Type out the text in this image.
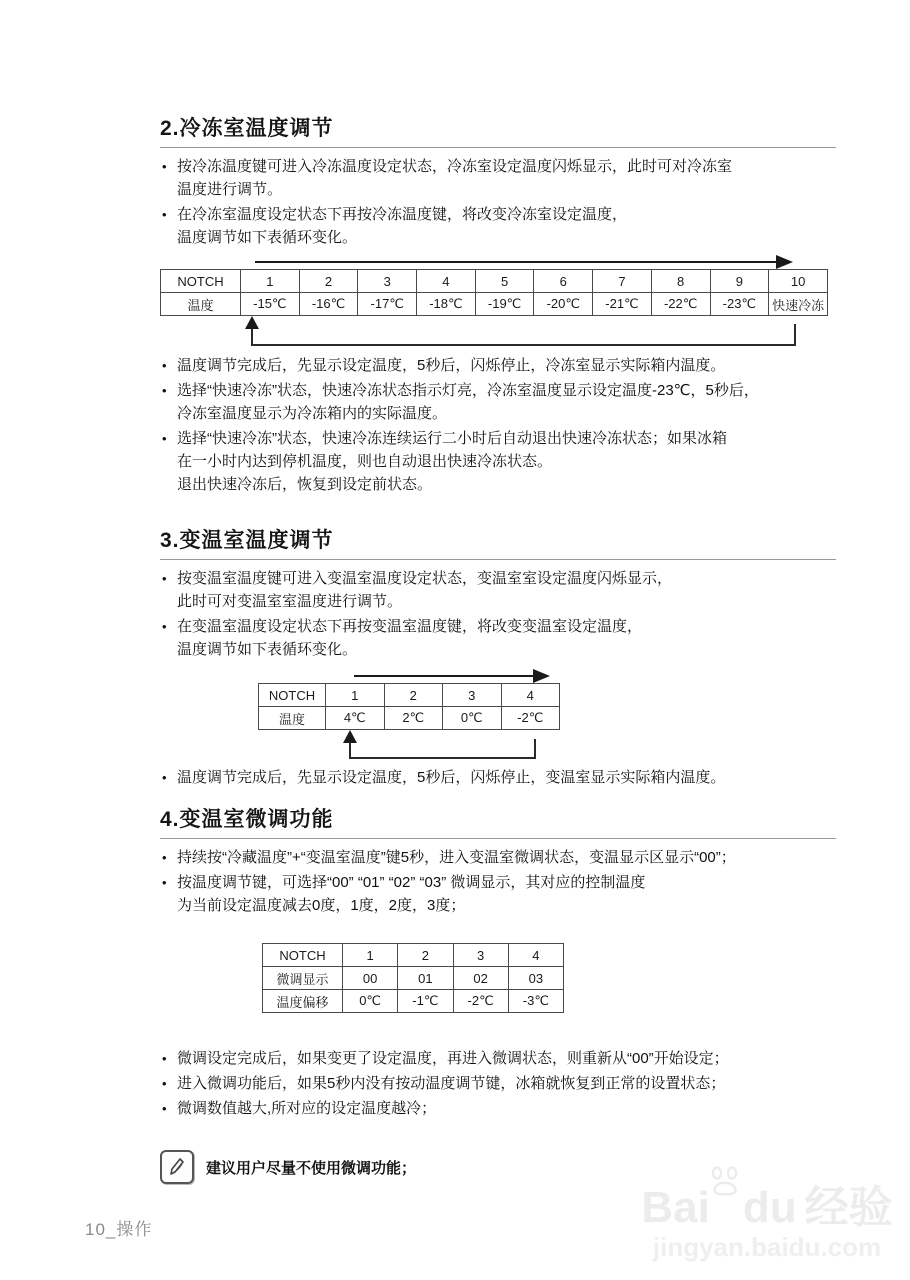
2.冷冻室温度调节
• 按冷冻温度键可进入冷冻温度设定状态，冷冻室设定温度闪烁显示，此时可对冷冻室
温度进行调节。
• 在冷冻室温度设定状态下再按冷冻温度键，将改变冷冻室设定温度，
温度调节如下表循环变化。
NOTCH	1	2	3	4	5	6	7	8	9	10
温度	-15℃	-16℃	-17℃	-18℃	-19℃	-20℃	-21℃	-22℃	-23℃	快速冷冻
• 温度调节完成后，先显示设定温度，5秒后，闪烁停止，冷冻室显示实际箱内温度。
• 选择“快速冷冻”状态，快速冷冻状态指示灯亮，冷冻室温度显示设定温度-23℃，5秒后，
冷冻室温度显示为冷冻箱内的实际温度。
• 选择“快速冷冻”状态，快速冷冻连续运行二小时后自动退出快速冷冻状态；如果冰箱
在一小时内达到停机温度，则也自动退出快速冷冻状态。
退出快速冷冻后，恢复到设定前状态。
3.变温室温度调节
• 按变温室温度键可进入变温室温度设定状态，变温室室设定温度闪烁显示，
此时可对变温室室温度进行调节。
• 在变温室温度设定状态下再按变温室温度键，将改变变温室设定温度，
温度调节如下表循环变化。
NOTCH	1	2	3	4
温度	4℃	2℃	0℃	-2℃
• 温度调节完成后，先显示设定温度，5秒后，闪烁停止，变温室显示实际箱内温度。
4.变温室微调功能
• 持续按“冷藏温度”+“变温室温度”键5秒，进入变温室微调状态，变温显示区显示“00”；
• 按温度调节键，可选择“00” “01” “02” “03” 微调显示，其对应的控制温度
为当前设定温度减去0度，1度，2度，3度；
NOTCH	1	2	3	4
微调显示	00	01	02	03
温度偏移	0℃	-1℃	-2℃	-3℃
• 微调设定完成后，如果变更了设定温度，再进入微调状态，则重新从“00”开始设定；
• 进入微调功能后，如果5秒内没有按动温度调节键，冰箱就恢复到正常的设置状态；
• 微调数值越大,所对应的设定温度越冷；
建议用户尽量不使用微调功能；
Bai du 经验
jingyan.baidu.com
10_操作
